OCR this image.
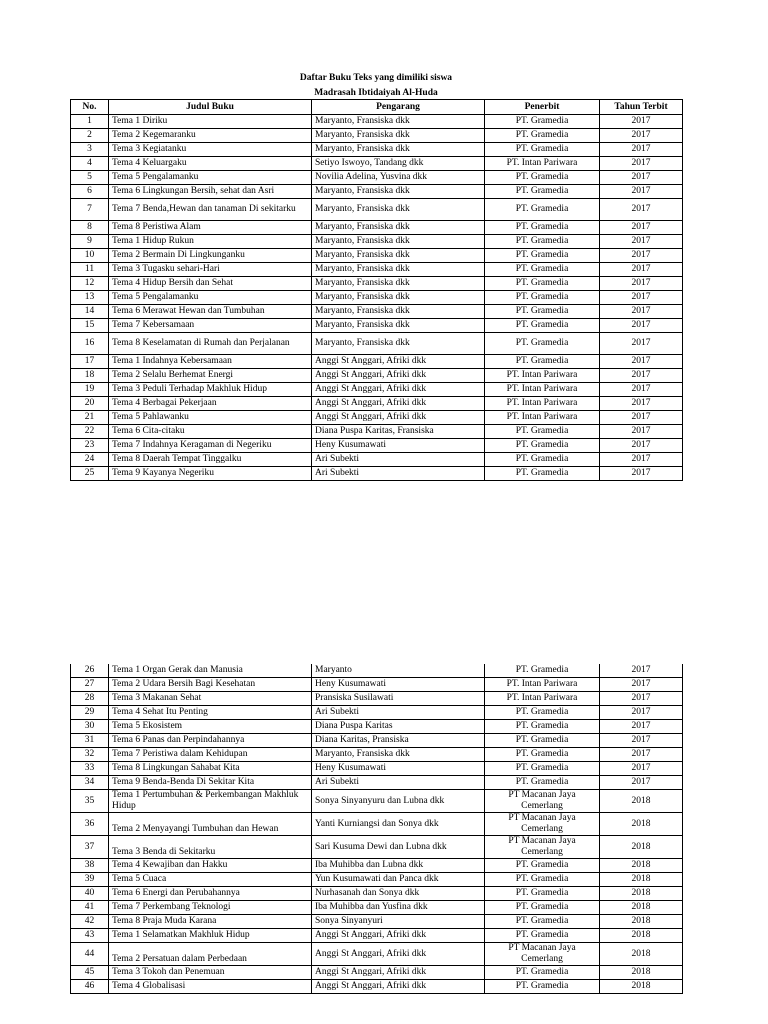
Daftar Buku Teks yang dimiliki siswa
Madrasah Ibtidaiyah Al-Huda
No.	Judul Buku	Pengarang	Penerbit	Tahun Terbit
1	Tema 1 Diriku	Maryanto, Fransiska dkk	PT. Gramedia	2017
2	Tema 2 Kegemaranku	Maryanto, Fransiska dkk	PT. Gramedia	2017
3	Tema 3 Kegiatanku	Maryanto, Fransiska dkk	PT. Gramedia	2017
4	Tema 4 Keluargaku	Setiyo Iswoyo, Tandang dkk	PT. Intan Pariwara	2017
5	Tema 5 Pengalamanku	Novilia Adelina, Yusvina dkk	PT. Gramedia	2017
6	Tema 6 Lingkungan Bersih, sehat dan Asri	Maryanto, Fransiska dkk	PT. Gramedia	2017
7	Tema 7 Benda,Hewan dan tanaman Di sekitarku	Maryanto, Fransiska dkk	PT. Gramedia	2017
8	Tema 8 Peristiwa Alam	Maryanto, Fransiska dkk	PT. Gramedia	2017
9	Tema 1 Hidup Rukun	Maryanto, Fransiska dkk	PT. Gramedia	2017
10	Tema 2 Bermain Di Lingkunganku	Maryanto, Fransiska dkk	PT. Gramedia	2017
11	Tema 3 Tugasku sehari-Hari	Maryanto, Fransiska dkk	PT. Gramedia	2017
12	Tema 4 Hidup Bersih dan Sehat	Maryanto, Fransiska dkk	PT. Gramedia	2017
13	Tema 5 Pengalamanku	Maryanto, Fransiska dkk	PT. Gramedia	2017
14	Tema 6 Merawat Hewan dan Tumbuhan	Maryanto, Fransiska dkk	PT. Gramedia	2017
15	Tema 7 Kebersamaan	Maryanto, Fransiska dkk	PT. Gramedia	2017
16	Tema 8 Keselamatan di Rumah dan Perjalanan	Maryanto, Fransiska dkk	PT. Gramedia	2017
17	Tema 1 Indahnya Kebersamaan	Anggi St Anggari, Afriki dkk	PT. Gramedia	2017
18	Tema 2 Selalu Berhemat Energi	Anggi St Anggari, Afriki dkk	PT. Intan Pariwara	2017
19	Tema 3 Peduli Terhadap Makhluk Hidup	Anggi St Anggari, Afriki dkk	PT. Intan Pariwara	2017
20	Tema 4 Berbagai Pekerjaan	Anggi St Anggari, Afriki dkk	PT. Intan Pariwara	2017
21	Tema 5 Pahlawanku	Anggi St Anggari, Afriki dkk	PT. Intan Pariwara	2017
22	Tema 6 Cita-citaku	Diana Puspa Karitas, Fransiska	PT. Gramedia	2017
23	Tema 7 Indahnya Keragaman di Negeriku	Heny Kusumawati	PT. Gramedia	2017
24	Tema 8 Daerah Tempat Tinggalku	Ari Subekti	PT. Gramedia	2017
25	Tema 9 Kayanya Negeriku	Ari Subekti	PT. Gramedia	2017
26	Tema 1 Organ Gerak dan Manusia	Maryanto	PT. Gramedia	2017
27	Tema 2 Udara Bersih Bagi Kesehatan	Heny Kusumawati	PT. Intan Pariwara	2017
28	Tema 3 Makanan Sehat	Pransiska Susilawati	PT. Intan Pariwara	2017
29	Tema 4 Sehat Itu Penting	Ari Subekti	PT. Gramedia	2017
30	Tema 5 Ekosistem	Diana Puspa Karitas	PT. Gramedia	2017
31	Tema 6 Panas dan Perpindahannya	Diana Karitas, Pransiska	PT. Gramedia	2017
32	Tema 7 Peristiwa dalam Kehidupan	Maryanto, Fransiska dkk	PT. Gramedia	2017
33	Tema 8 Lingkungan Sahabat Kita	Heny Kusumawati	PT. Gramedia	2017
34	Tema 9 Benda-Benda Di Sekitar Kita	Ari Subekti	PT. Gramedia	2017
35	Tema 1 Pertumbuhan & Perkembangan Makhluk Hidup	Sonya Sinyanyuru dan Lubna dkk	PT Macanan Jaya Cemerlang	2018
36	Tema 2 Menyayangi Tumbuhan dan Hewan	Yanti Kurniangsi dan Sonya dkk	PT Macanan Jaya Cemerlang	2018
37	Tema 3 Benda di Sekitarku	Sari Kusuma Dewi dan Lubna dkk	PT Macanan Jaya Cemerlang	2018
38	Tema 4 Kewajiban dan Hakku	Iba Muhibba dan Lubna dkk	PT. Gramedia	2018
39	Tema 5 Cuaca	Yun Kusumawati dan Panca dkk	PT. Gramedia	2018
40	Tema 6 Energi dan Perubahannya	Nurhasanah dan Sonya dkk	PT. Gramedia	2018
41	Tema 7 Perkembang Teknologi	Iba Muhibba dan Yusfina dkk	PT. Gramedia	2018
42	Tema 8 Praja Muda Karana	Sonya Sinyanyuri	PT. Gramedia	2018
43	Tema 1 Selamatkan Makhluk Hidup	Anggi St Anggari, Afriki dkk	PT. Gramedia	2018
44	Tema 2 Persatuan dalam Perbedaan	Anggi St Anggari, Afriki dkk	PT Macanan Jaya Cemerlang	2018
45	Tema 3 Tokoh dan Penemuan	Anggi St Anggari, Afriki dkk	PT. Gramedia	2018
46	Tema 4 Globalisasi	Anggi St Anggari, Afriki dkk	PT. Gramedia	2018
